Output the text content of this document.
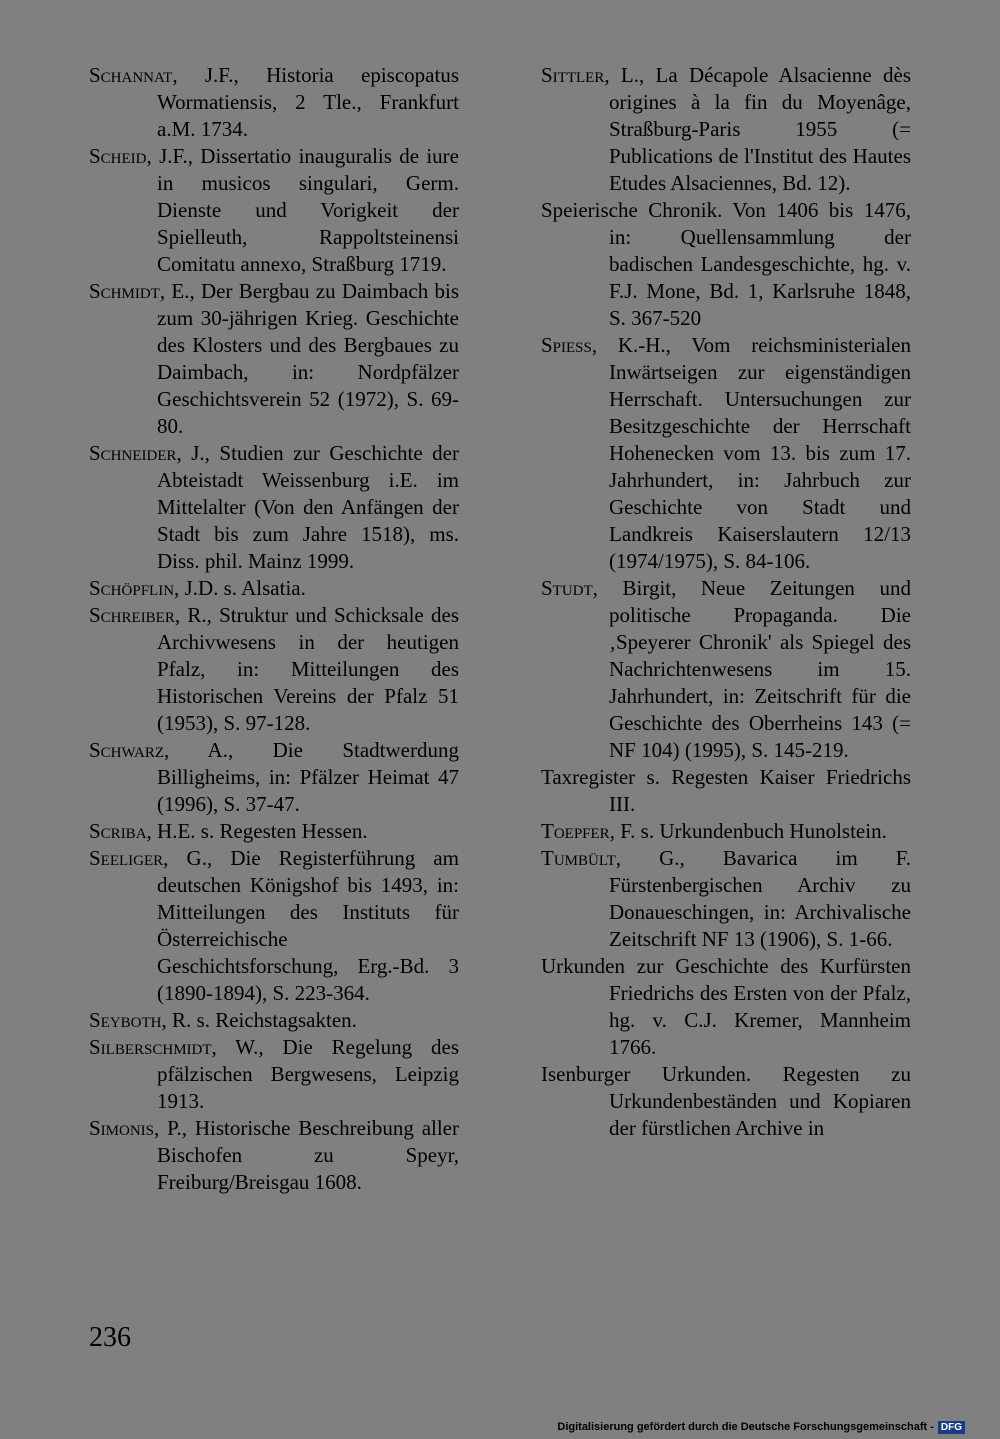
Schannat, J.F., Historia episcopatus Wormatiensis, 2 Tle., Frankfurt a.M. 1734.

Scheid, J.F., Dissertatio inauguralis de iure in musicos singulari, Germ. Dienste und Vorigkeit der Spielleuth, Rappoltsteinensi Comitatu annexo, Straßburg 1719.

Schmidt, E., Der Bergbau zu Daimbach bis zum 30-jährigen Krieg. Geschichte des Klosters und des Bergbaues zu Daimbach, in: Nordpfälzer Geschichtsverein 52 (1972), S. 69-80.

Schneider, J., Studien zur Geschichte der Abteistadt Weissenburg i.E. im Mittelalter (Von den Anfängen der Stadt bis zum Jahre 1518), ms. Diss. phil. Mainz 1999.

Schöpflin, J.D. s. Alsatia.

Schreiber, R., Struktur und Schicksale des Archivwesens in der heutigen Pfalz, in: Mitteilungen des Historischen Vereins der Pfalz 51 (1953), S. 97-128.

Schwarz, A., Die Stadtwerdung Billigheims, in: Pfälzer Heimat 47 (1996), S. 37-47.

Scriba, H.E. s. Regesten Hessen.

Seeliger, G., Die Registerführung am deutschen Königshof bis 1493, in: Mitteilungen des Instituts für Österreichische Geschichtsforschung, Erg.-Bd. 3 (1890-1894), S. 223-364.

Seyboth, R. s. Reichstagsakten.

Silberschmidt, W., Die Regelung des pfälzischen Bergwesens, Leipzig 1913.

Simonis, P., Historische Beschreibung aller Bischofen zu Speyr, Freiburg/Breisgau 1608.

Sittler, L., La Décapole Alsacienne dès origines à la fin du Moyenâge, Straßburg-Paris 1955 (= Publications de l'Institut des Hautes Etudes Alsaciennes, Bd. 12).

Speierische Chronik. Von 1406 bis 1476, in: Quellensammlung der badischen Landesgeschichte, hg. v. F.J. Mone, Bd. 1, Karlsruhe 1848, S. 367-520

Spieß, K.-H., Vom reichsministerialen Inwärtseigen zur eigenständigen Herrschaft. Untersuchungen zur Besitzgeschichte der Herrschaft Hohenecken vom 13. bis zum 17. Jahrhundert, in: Jahrbuch zur Geschichte von Stadt und Landkreis Kaiserslautern 12/13 (1974/1975), S. 84-106.

Studt, Birgit, Neue Zeitungen und politische Propaganda. Die ‚Speyerer Chronik' als Spiegel des Nachrichtenwesens im 15. Jahrhundert, in: Zeitschrift für die Geschichte des Oberrheins 143 (= NF 104) (1995), S. 145-219.

Taxregister s. Regesten Kaiser Friedrichs III.

Toepfer, F. s. Urkundenbuch Hunolstein.

Tumbült, G., Bavarica im F. Fürstenbergischen Archiv zu Donaueschingen, in: Archivalische Zeitschrift NF 13 (1906), S. 1-66.

Urkunden zur Geschichte des Kurfürsten Friedrichs des Ersten von der Pfalz, hg. v. C.J. Kremer, Mannheim 1766.

Isenburger Urkunden. Regesten zu Urkundenbeständen und Kopiaren der fürstlichen Archive in

236
Digitalisierung gefördert durch die Deutsche Forschungsgemeinschaft - DFG
